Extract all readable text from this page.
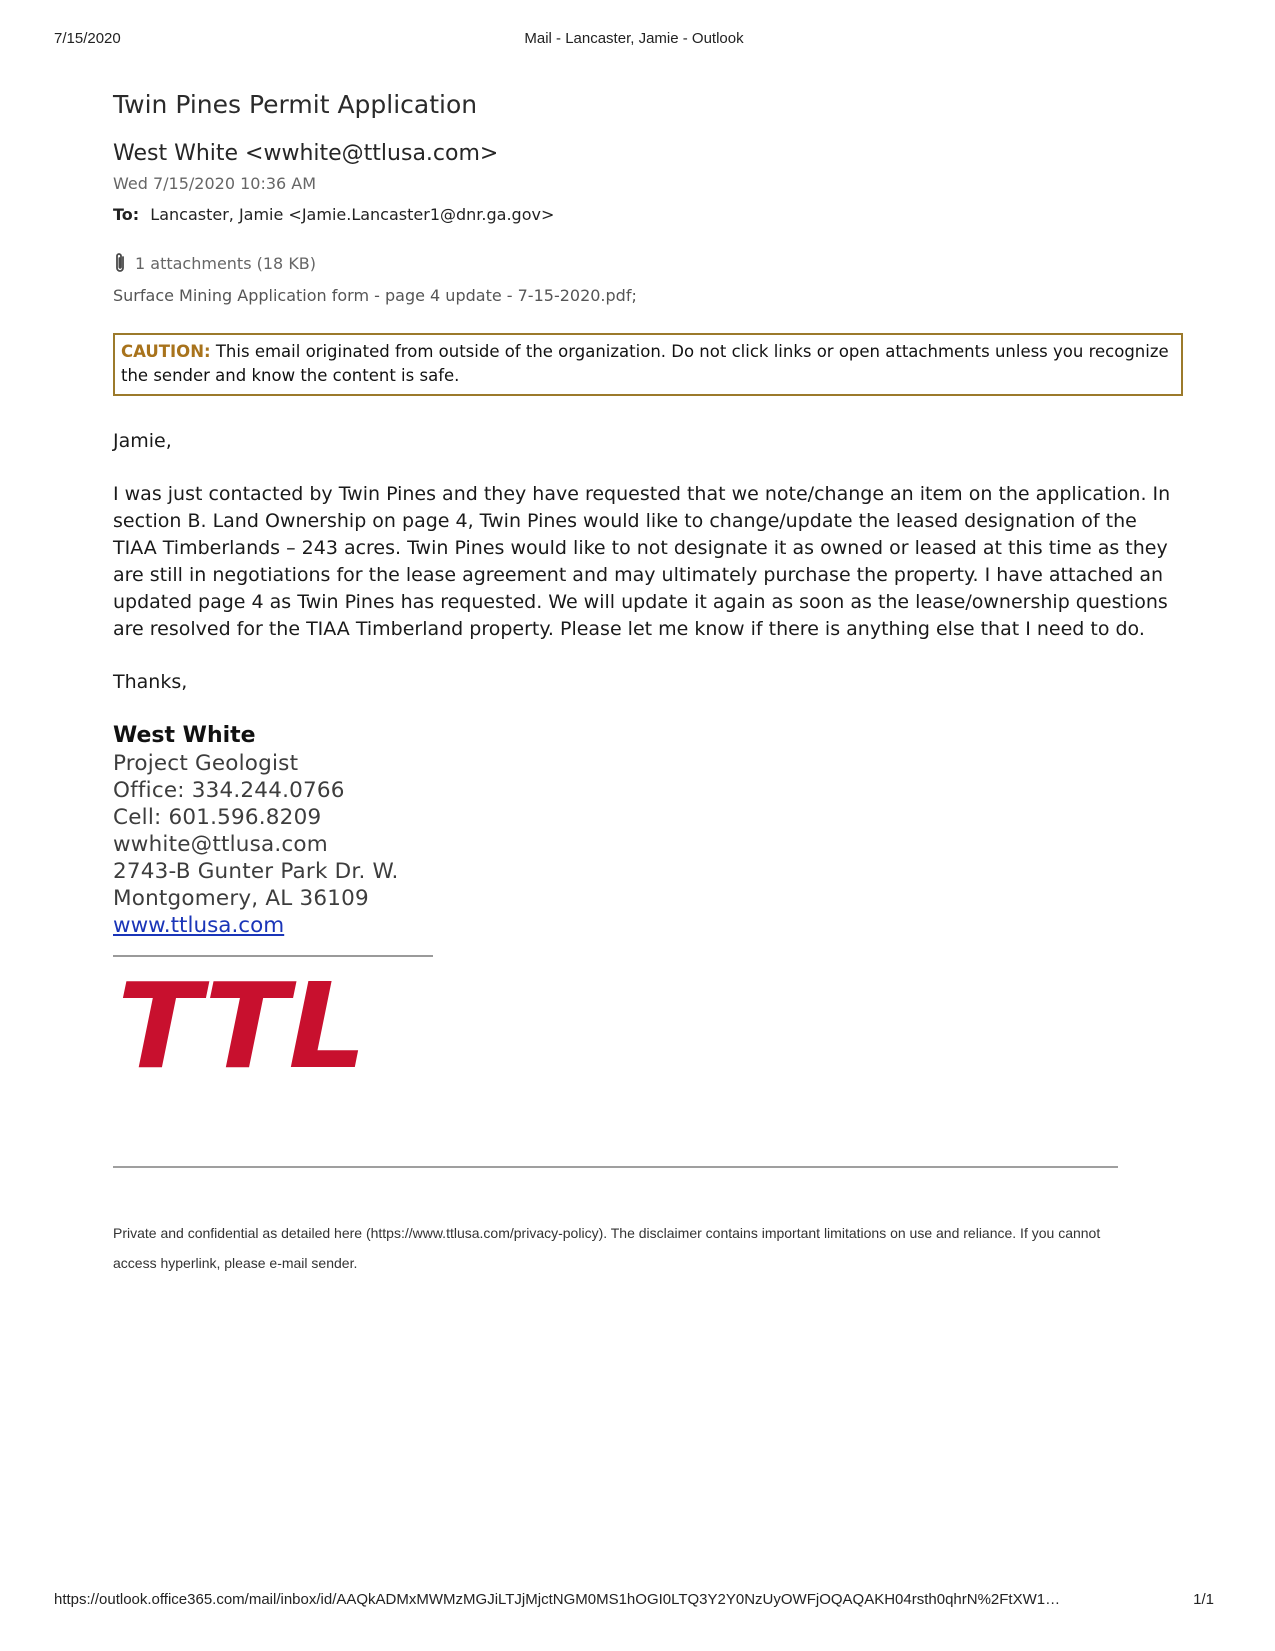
7/15/2020	Mail - Lancaster, Jamie - Outlook
Twin Pines Permit Application
West White <wwhite@ttlusa.com>
Wed 7/15/2020 10:36 AM
To: Lancaster, Jamie <Jamie.Lancaster1@dnr.ga.gov>
1 attachments (18 KB)
Surface Mining Application form - page 4 update - 7-15-2020.pdf;
CAUTION: This email originated from outside of the organization. Do not click links or open attachments unless you recognize the sender and know the content is safe.

Jamie,

I was just contacted by Twin Pines and they have requested that we note/change an item on the application. In section B. Land Ownership on page 4, Twin Pines would like to change/update the leased designation of the TIAA Timberlands – 243 acres. Twin Pines would like to not designate it as owned or leased at this time as they are still in negotiations for the lease agreement and may ultimately purchase the property. I have attached an updated page 4 as Twin Pines has requested. We will update it again as soon as the lease/ownership questions are resolved for the TIAA Timberland property. Please let me know if there is anything else that I need to do.

Thanks,

West White
Project Geologist
Office: 334.244.0766
Cell: 601.596.8209
wwhite@ttlusa.com
2743-B Gunter Park Dr. W.
Montgomery, AL 36109
www.ttlusa.com
TTL
Private and confidential as detailed here (https://www.ttlusa.com/privacy-policy). The disclaimer contains important limitations on use and reliance. If you cannot access hyperlink, please e-mail sender.
https://outlook.office365.com/mail/inbox/id/AAQkADMxMWMzMGJiLTJjMjctNGM0MS1hOGI0LTQ3Y2Y0NzUyOWFjOQAQAKH04rsth0qhrN%2FtXW1…	1/1
